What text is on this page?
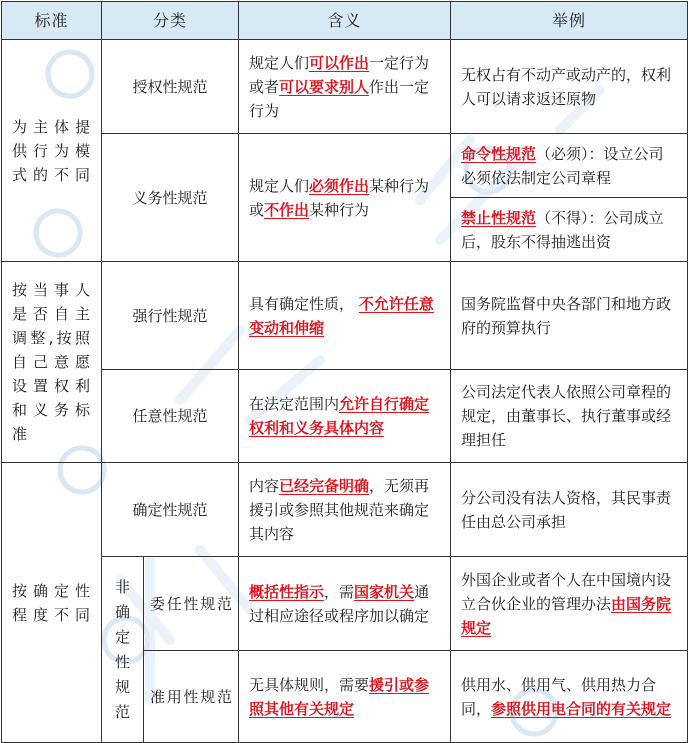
标准	分类		含义	举例
为主体提供行为模式的不同	授权性规范		规定人们可以作出一定行为或者可以要求别人作出一定行为	无权占有不动产或动产的，权利人可以请求返还原物
	义务性规范		规定人们必须作出某种行为或不作出某种行为	命令性规范（必须）：设立公司必须依法制定公司章程
				禁止性规范（不得）：公司成立后，股东不得抽逃出资
按当事人是否自主调整,按照自己意愿设置权利和义务标准	强行性规范		具有确定性质， 不允许任意变动和伸缩	国务院监督中央各部门和地方政府的预算执行
	任意性规范		在法定范围内允许自行确定权利和义务具体内容	公司法定代表人依照公司章程的规定，由董事长、执行董事或经理担任
按确定性程度不同	确定性规范		内容已经完备明确，无须再援引或参照其他规范来确定其内容	分公司没有法人资格，其民事责任由总公司承担
	非确定性规范	委任性规范	概括性指示，需国家机关通过相应途径或程序加以确定	外国企业或者个人在中国境内设立合伙企业的管理办法由国务院规定

		准用性规范	无具体规则，需要援引或参照其他有关规定	供用水、供用气、供用热力合同，参照供用电合同的有关规定
